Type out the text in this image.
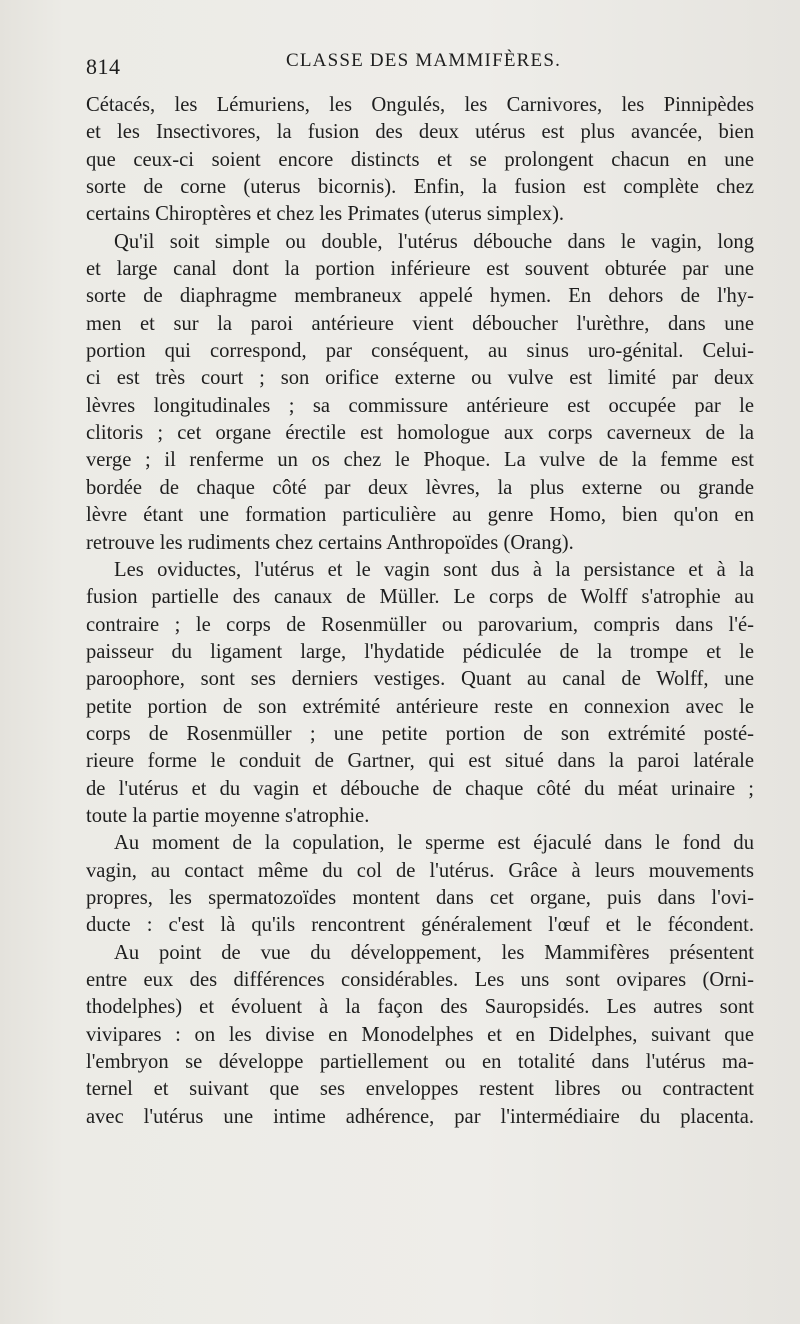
814	CLASSE DES MAMMIFÈRES.

Cétacés, les Lémuriens, les Ongulés, les Carnivores, les Pinnipèdes
et les Insectivores, la fusion des deux utérus est plus avancée, bien
que ceux-ci soient encore distincts et se prolongent chacun en une
sorte de corne (uterus bicornis). Enfin, la fusion est complète chez
certains Chiroptères et chez les Primates (uterus simplex).

Qu'il soit simple ou double, l'utérus débouche dans le vagin, long
et large canal dont la portion inférieure est souvent obturée par une
sorte de diaphragme membraneux appelé hymen. En dehors de l'hy-
men et sur la paroi antérieure vient déboucher l'urèthre, dans une
portion qui correspond, par conséquent, au sinus uro-génital. Celui-
ci est très court ; son orifice externe ou vulve est limité par deux
lèvres longitudinales ; sa commissure antérieure est occupée par le
clitoris ; cet organe érectile est homologue aux corps caverneux de la
verge ; il renferme un os chez le Phoque. La vulve de la femme est
bordée de chaque côté par deux lèvres, la plus externe ou grande
lèvre étant une formation particulière au genre Homo, bien qu'on en
retrouve les rudiments chez certains Anthropoïdes (Orang).

Les oviductes, l'utérus et le vagin sont dus à la persistance et à la
fusion partielle des canaux de Müller. Le corps de Wolff s'atrophie au
contraire ; le corps de Rosenmüller ou parovarium, compris dans l'é-
paisseur du ligament large, l'hydatide pédiculée de la trompe et le
paroophore, sont ses derniers vestiges. Quant au canal de Wolff, une
petite portion de son extrémité antérieure reste en connexion avec le
corps de Rosenmüller ; une petite portion de son extrémité posté-
rieure forme le conduit de Gartner, qui est situé dans la paroi latérale
de l'utérus et du vagin et débouche de chaque côté du méat urinaire ;
toute la partie moyenne s'atrophie.

Au moment de la copulation, le sperme est éjaculé dans le fond du
vagin, au contact même du col de l'utérus. Grâce à leurs mouvements
propres, les spermatozoïdes montent dans cet organe, puis dans l'ovi-
ducte : c'est là qu'ils rencontrent généralement l'œuf et le fécondent.

Au point de vue du développement, les Mammifères présentent
entre eux des différences considérables. Les uns sont ovipares (Orni-
thodelphes) et évoluent à la façon des Sauropsidés. Les autres sont
vivipares : on les divise en Monodelphes et en Didelphes, suivant que
l'embryon se développe partiellement ou en totalité dans l'utérus ma-
ternel et suivant que ses enveloppes restent libres ou contractent
avec l'utérus une intime adhérence, par l'intermédiaire du placenta.
